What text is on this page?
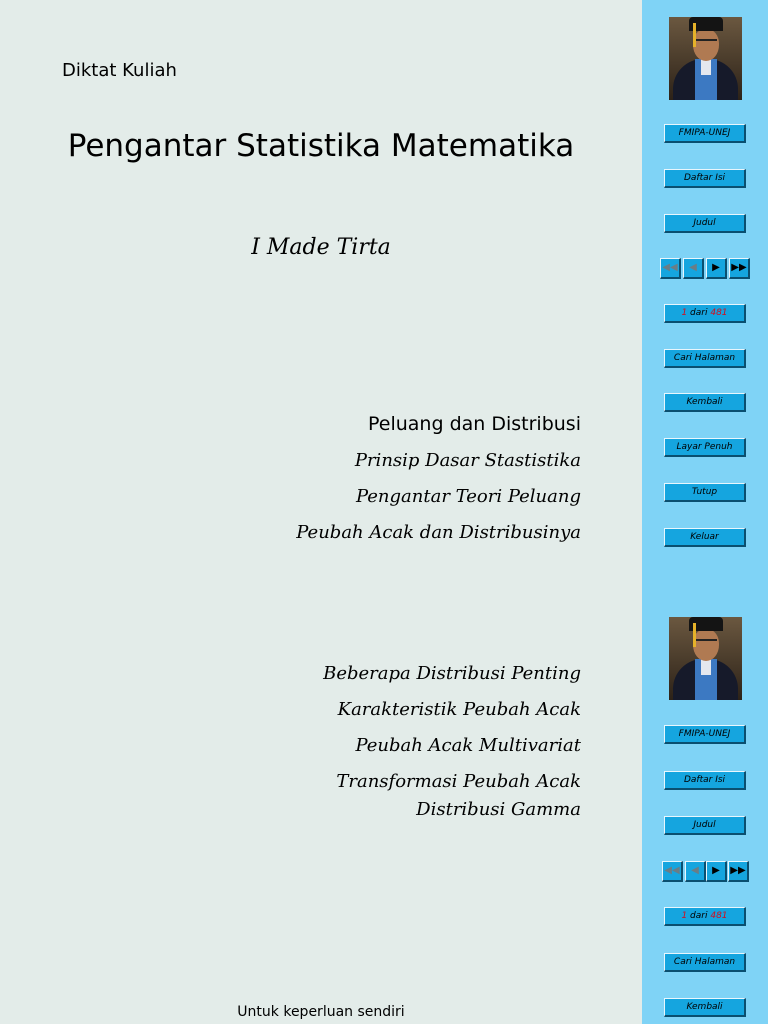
Diktat Kuliah
Pengantar Statistika Matematika
I Made Tirta
Peluang dan Distribusi
Prinsip Dasar Stastistika
Pengantar Teori Peluang
Peubah Acak dan Distribusinya
Beberapa Distribusi Penting
Karakteristik Peubah Acak
Peubah Acak Multivariat
Transformasi Peubah Acak
Distribusi Gamma
Untuk keperluan sendiri
FMIPA-UNEJ
Daftar Isi
Judul
◀◀	◀	▶	▶▶
1 dari 481
Cari Halaman
Kembali
Layar Penuh
Tutup
Keluar
FMIPA-UNEJ
Daftar Isi
Judul
◀◀	◀	▶	▶▶
1 dari 481
Cari Halaman
Kembali
